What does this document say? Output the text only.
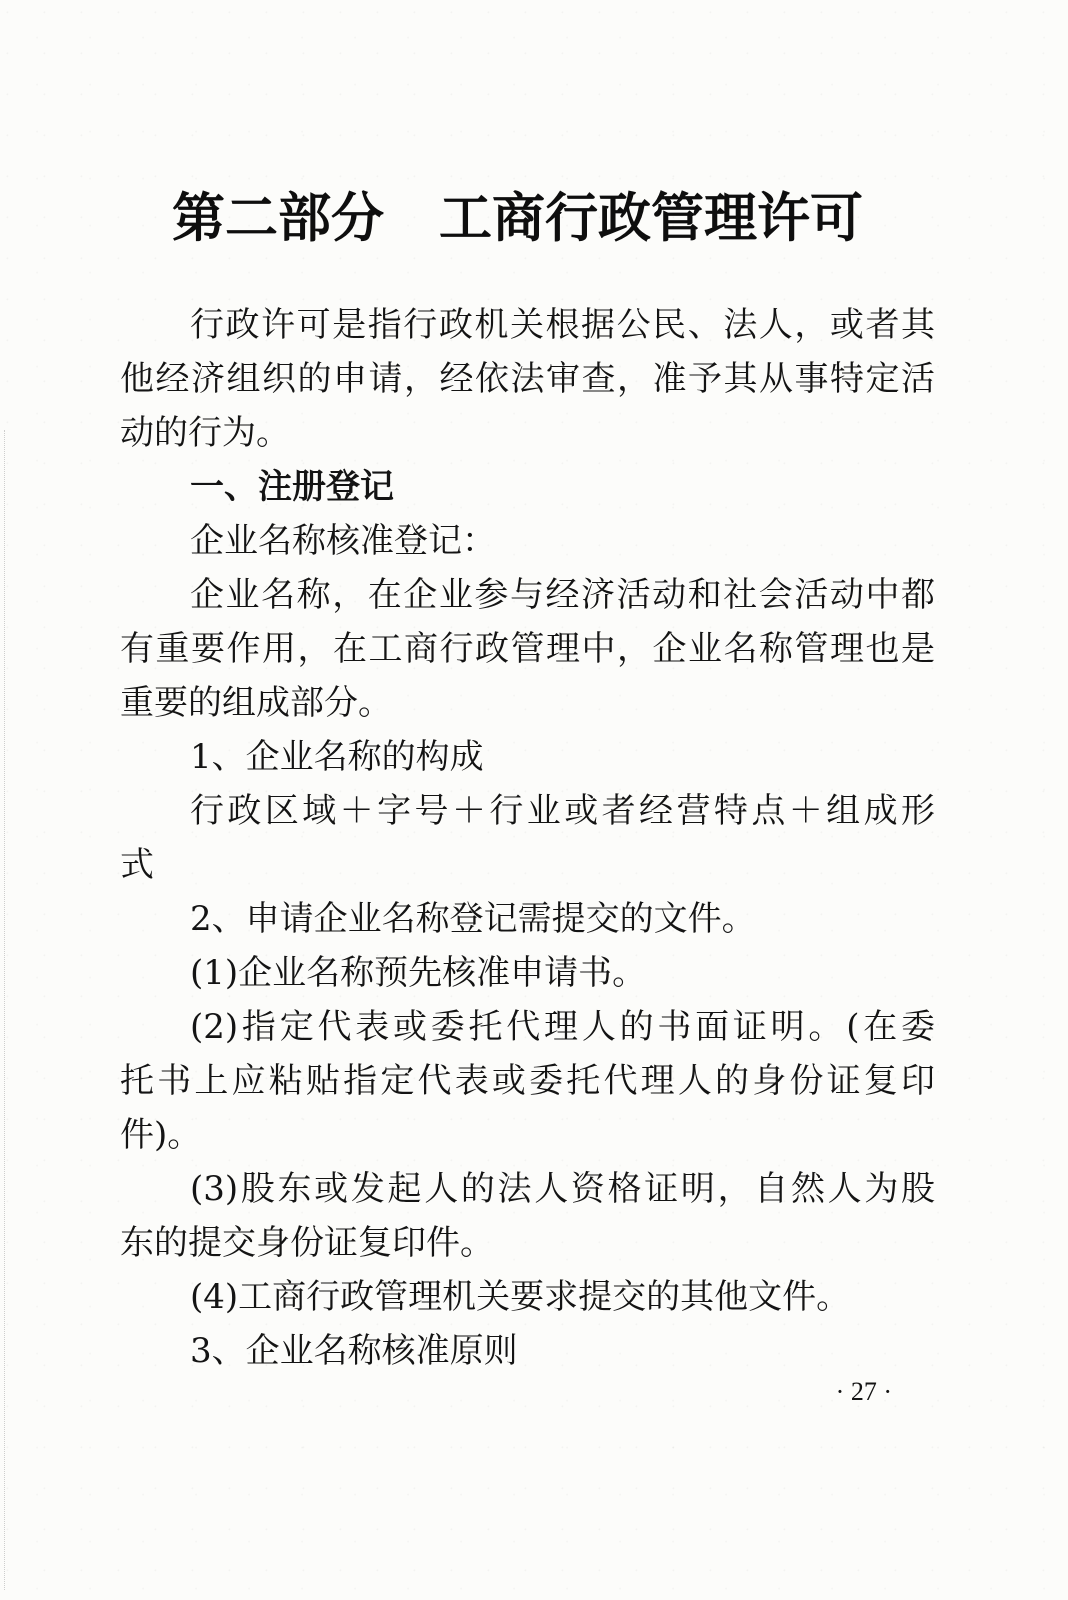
第二部分 工商行政管理许可
行政许可是指行政机关根据公民、法人，或者其
他经济组织的申请，经依法审查，准予其从事特定活
动的行为。
一、注册登记
企业名称核准登记：
企业名称，在企业参与经济活动和社会活动中都
有重要作用，在工商行政管理中，企业名称管理也是
重要的组成部分。
1、企业名称的构成
行政区域＋字号＋行业或者经营特点＋组成形
式
2、申请企业名称登记需提交的文件。
(1)企业名称预先核准申请书。
(2)指定代表或委托代理人的书面证明。(在委
托书上应粘贴指定代表或委托代理人的身份证复印
件)。
(3)股东或发起人的法人资格证明，自然人为股
东的提交身份证复印件。
(4)工商行政管理机关要求提交的其他文件。
3、企业名称核准原则
· 27 ·
